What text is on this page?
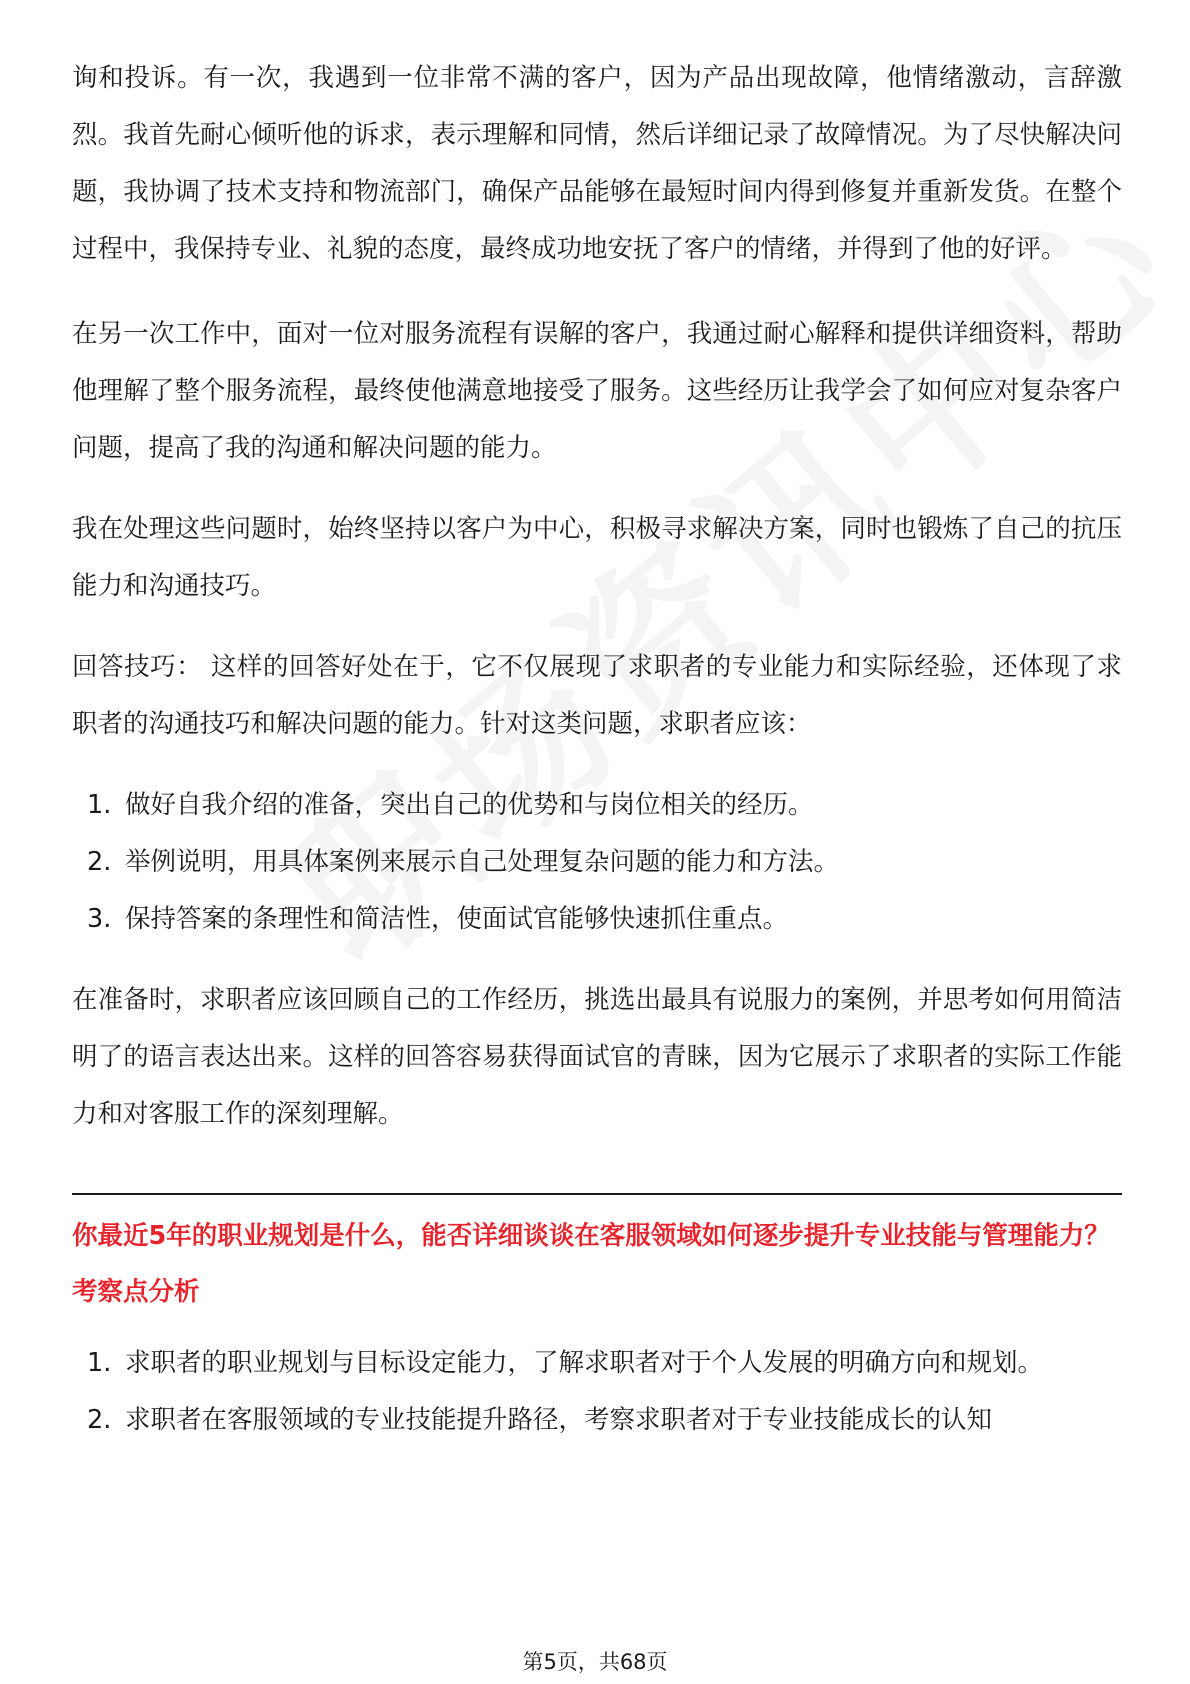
询和投诉。有一次，我遇到一位非常不满的客户，因为产品出现故障，他情绪激动，言辞激烈。我首先耐心倾听他的诉求，表示理解和同情，然后详细记录了故障情况。为了尽快解决问题，我协调了技术支持和物流部门，确保产品能够在最短时间内得到修复并重新发货。在整个过程中，我保持专业、礼貌的态度，最终成功地安抚了客户的情绪，并得到了他的好评。

在另一次工作中，面对一位对服务流程有误解的客户，我通过耐心解释和提供详细资料，帮助他理解了整个服务流程，最终使他满意地接受了服务。这些经历让我学会了如何应对复杂客户问题，提高了我的沟通和解决问题的能力。

我在处理这些问题时，始终坚持以客户为中心，积极寻求解决方案，同时也锻炼了自己的抗压能力和沟通技巧。

回答技巧： 这样的回答好处在于，它不仅展现了求职者的专业能力和实际经验，还体现了求职者的沟通技巧和解决问题的能力。针对这类问题，求职者应该：

1. 做好自我介绍的准备，突出自己的优势和与岗位相关的经历。
2. 举例说明，用具体案例来展示自己处理复杂问题的能力和方法。
3. 保持答案的条理性和简洁性，使面试官能够快速抓住重点。

在准备时，求职者应该回顾自己的工作经历，挑选出最具有说服力的案例，并思考如何用简洁明了的语言表达出来。这样的回答容易获得面试官的青睐，因为它展示了求职者的实际工作能力和对客服工作的深刻理解。

你最近5年的职业规划是什么，能否详细谈谈在客服领域如何逐步提升专业技能与管理能力？

考察点分析

1. 求职者的职业规划与目标设定能力，了解求职者对于个人发展的明确方向和规划。
2. 求职者在客服领域的专业技能提升路径，考察求职者对于专业技能成长的认知
第5页，共68页
